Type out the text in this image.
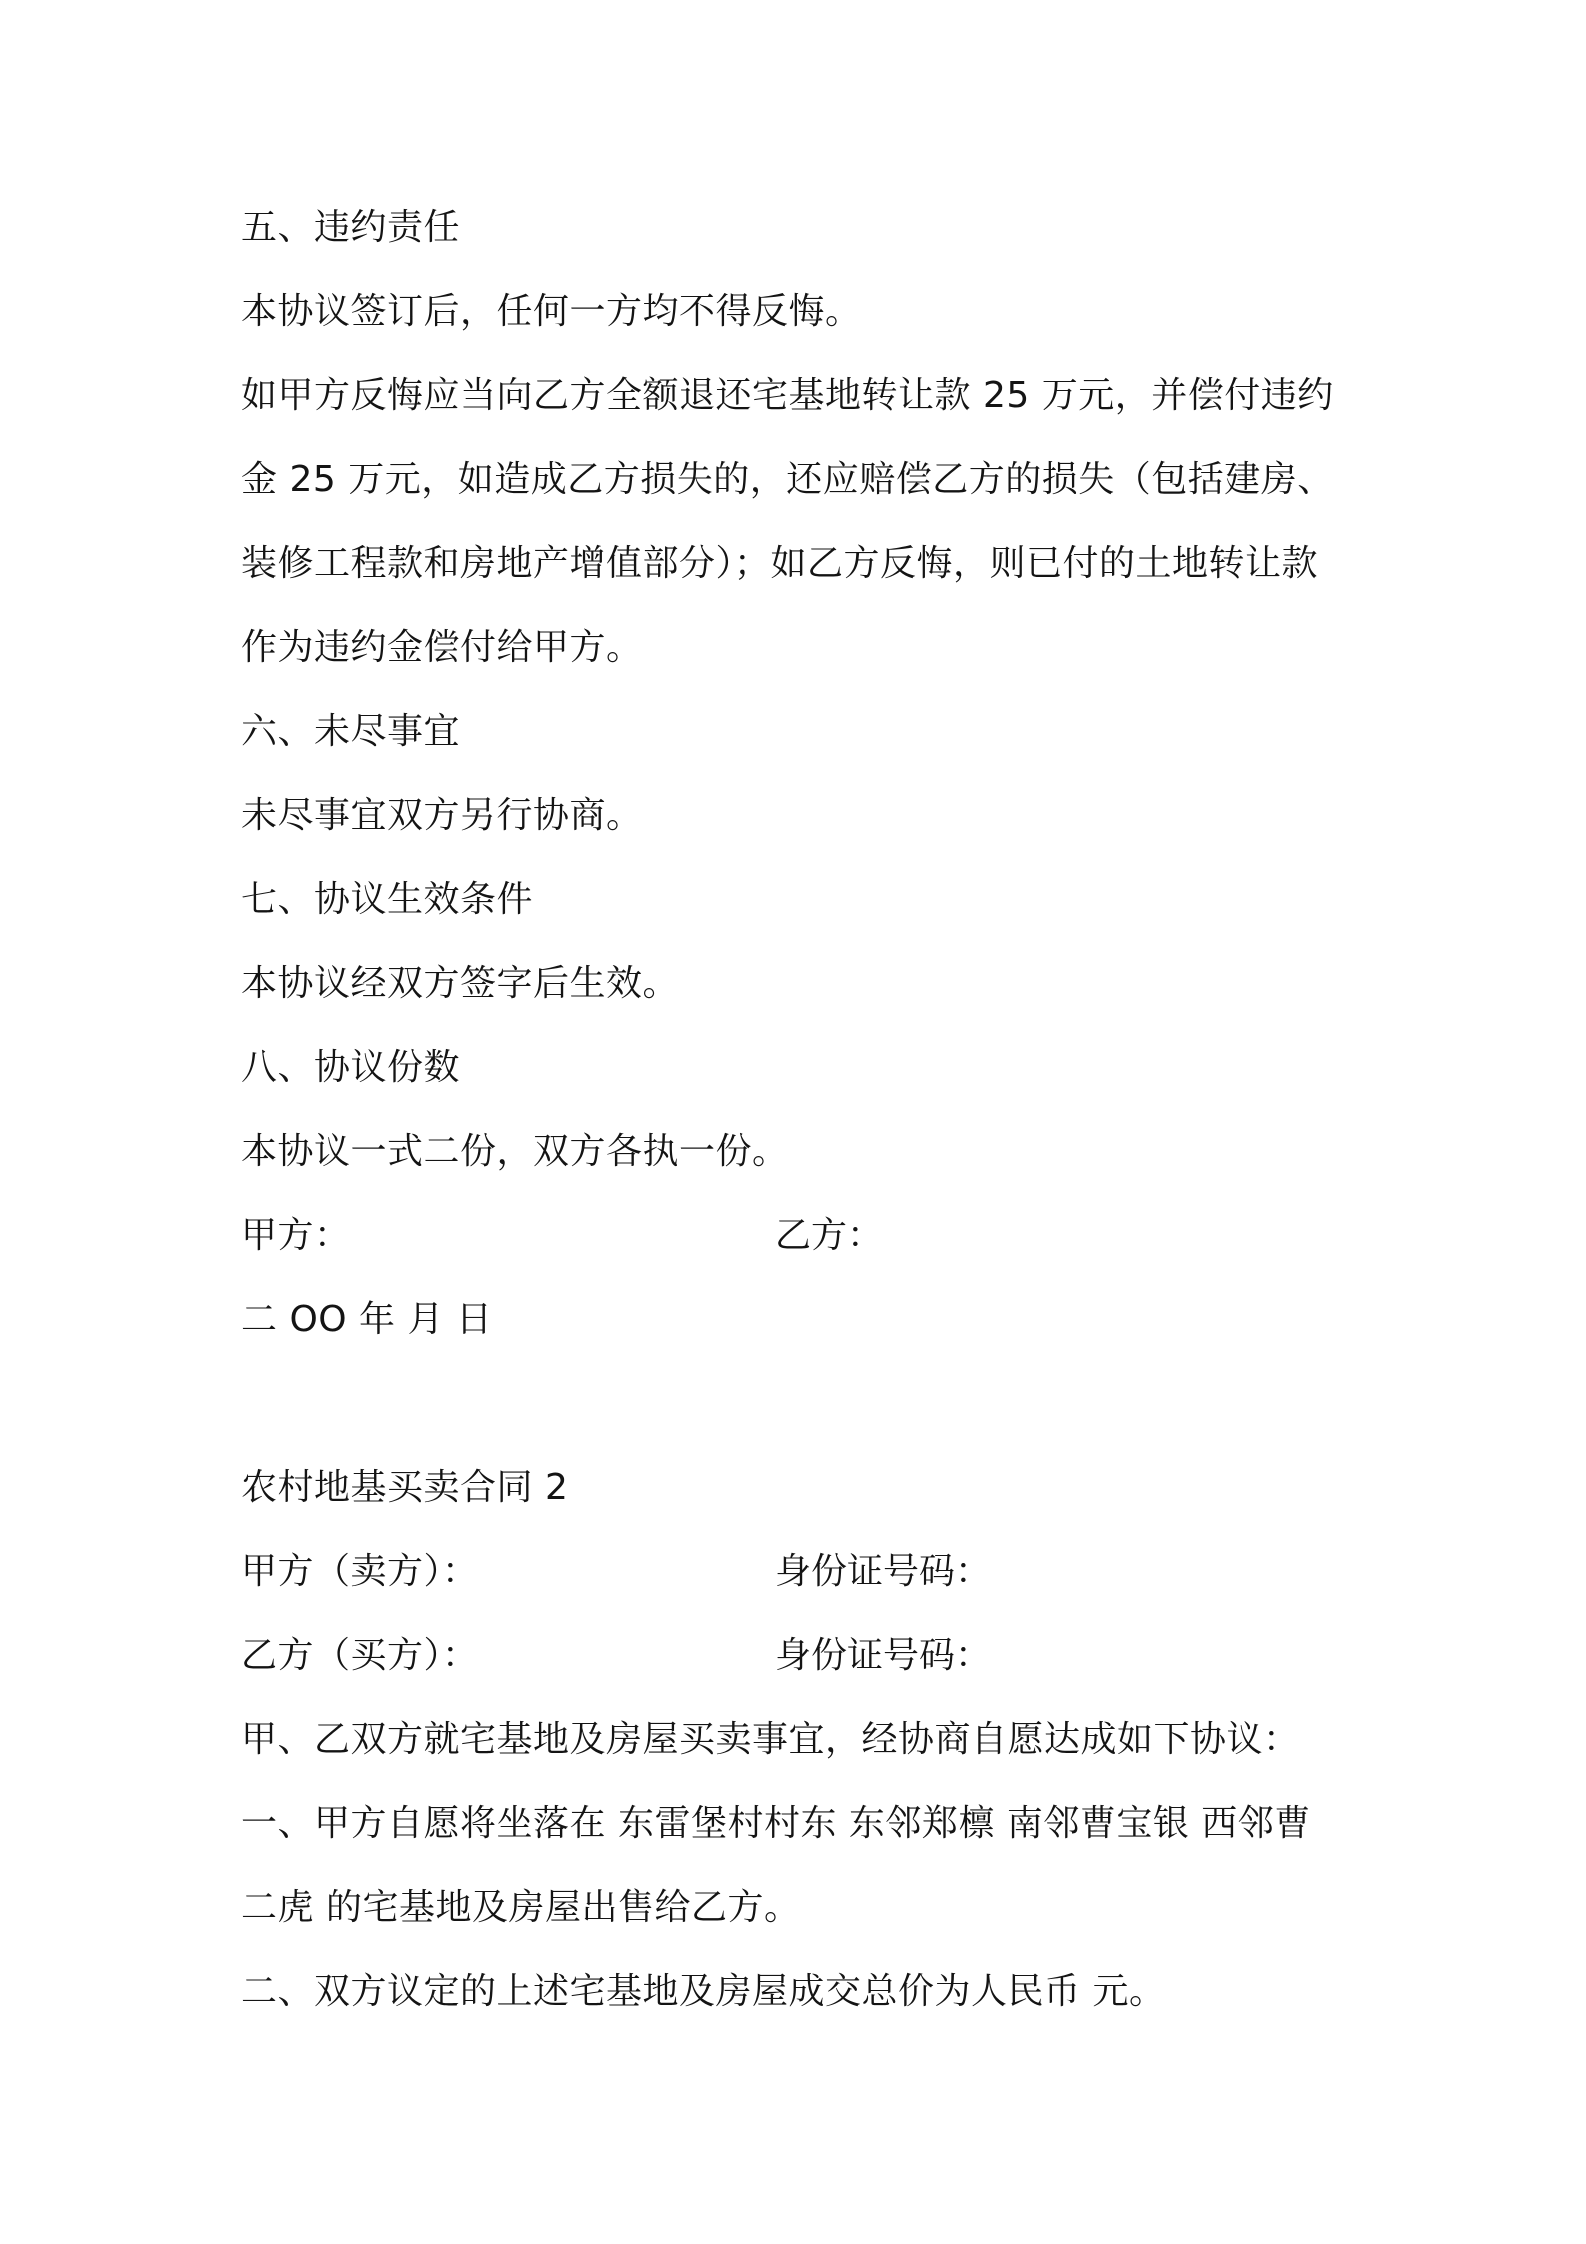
五、违约责任
本协议签订后，任何一方均不得反悔。
如甲方反悔应当向乙方全额退还宅基地转让款 25 万元，并偿付违约
金 25 万元，如造成乙方损失的，还应赔偿乙方的损失（包括建房、
装修工程款和房地产增值部分）；如乙方反悔，则已付的土地转让款
作为违约金偿付给甲方。
六、未尽事宜
未尽事宜双方另行协商。
七、协议生效条件
本协议经双方签字后生效。
八、协议份数
本协议一式二份，双方各执一份。
甲方：	乙方：
二 OO 年 月 日
农村地基买卖合同 2
甲方（卖方）：	身份证号码：
乙方（买方）：	身份证号码：
甲、乙双方就宅基地及房屋买卖事宜，经协商自愿达成如下协议：
一、甲方自愿将坐落在 东雷堡村村东 东邻郑檩 南邻曹宝银 西邻曹
二虎 的宅基地及房屋出售给乙方。
二、双方议定的上述宅基地及房屋成交总价为人民币 元。
